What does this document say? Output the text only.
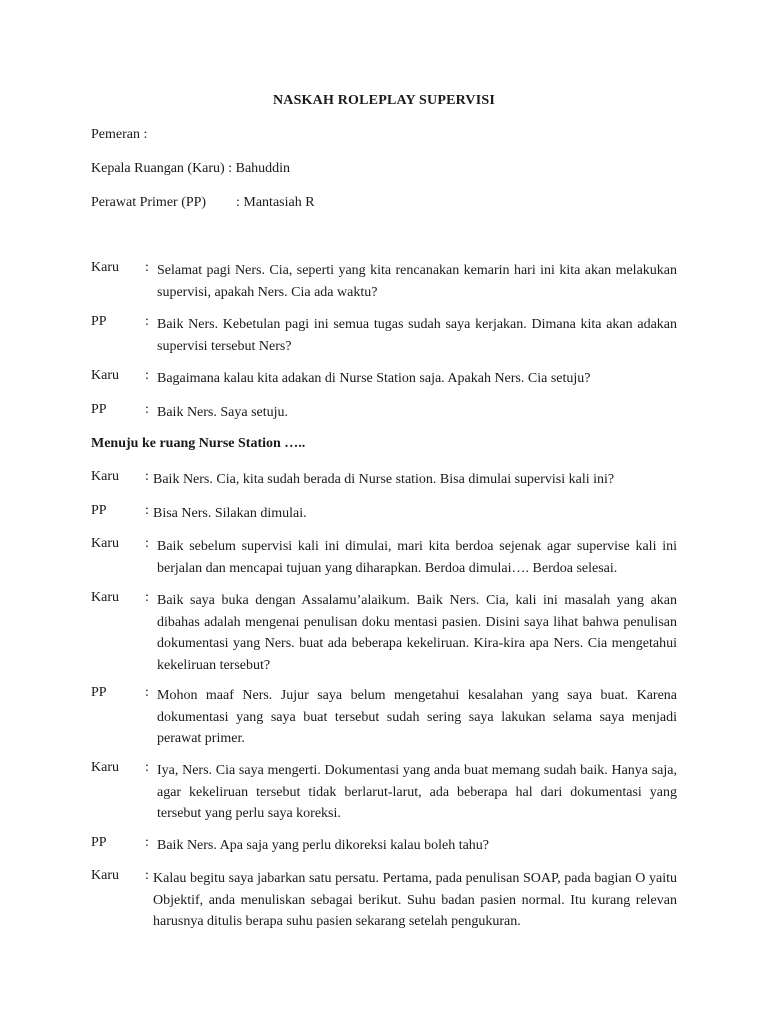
NASKAH ROLEPLAY SUPERVISI
Pemeran :
Kepala Ruangan (Karu) : Bahuddin
Perawat Primer (PP) : Mantasiah R
Karu : Selamat pagi Ners. Cia, seperti yang kita rencanakan kemarin hari ini kita akan melakukan supervisi, apakah Ners. Cia ada waktu?
PP	: Baik Ners. Kebetulan pagi ini semua tugas sudah saya kerjakan. Dimana kita akan adakan supervisi tersebut Ners?
Karu : Bagaimana kalau kita adakan di Nurse Station saja. Apakah Ners. Cia setuju?
PP	: Baik Ners. Saya setuju.
Menuju ke ruang Nurse Station …..
Karu : Baik Ners. Cia, kita sudah berada di Nurse station. Bisa dimulai supervisi kali ini?
PP	: Bisa Ners. Silakan dimulai.
Karu : Baik sebelum supervisi kali ini dimulai, mari kita berdoa sejenak agar supervise kali ini berjalan dan mencapai tujuan yang diharapkan. Berdoa dimulai…. Berdoa selesai.
Karu : Baik saya buka dengan Assalamu’alaikum. Baik Ners. Cia, kali ini masalah yang akan dibahas adalah mengenai penulisan doku mentasi pasien. Disini saya lihat bahwa penulisan dokumentasi yang Ners. buat ada beberapa kekeliruan. Kira-kira apa Ners. Cia mengetahui kekeliruan tersebut?
PP	: Mohon maaf Ners. Jujur saya belum mengetahui kesalahan yang saya buat. Karena dokumentasi yang saya buat tersebut sudah sering saya lakukan selama saya menjadi perawat primer.
Karu : Iya, Ners. Cia saya mengerti. Dokumentasi yang anda buat memang sudah baik. Hanya saja, agar kekeliruan tersebut tidak berlarut-larut, ada beberapa hal dari dokumentasi yang tersebut yang perlu saya koreksi.
PP	: Baik Ners. Apa saja yang perlu dikoreksi kalau boleh tahu?
Karu : Kalau begitu saya jabarkan satu persatu. Pertama, pada penulisan SOAP, pada bagian O yaitu Objektif, anda menuliskan sebagai berikut. Suhu badan pasien normal. Itu kurang relevan harusnya ditulis berapa suhu pasien sekarang setelah pengukuran.
